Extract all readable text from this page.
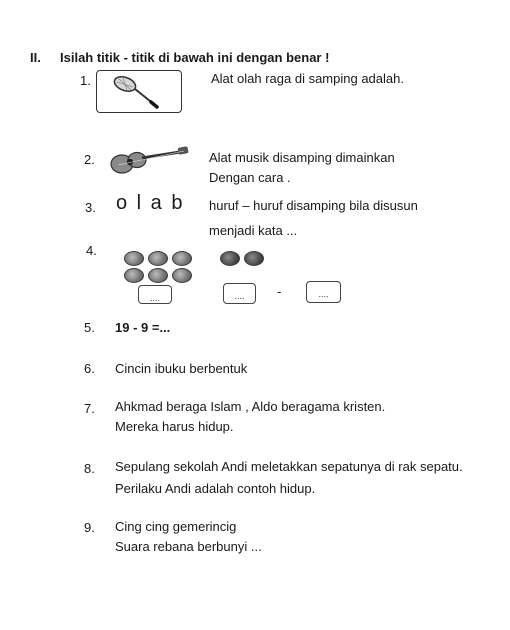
II. Isilah titik - titik di bawah ini dengan benar !
1.	Alat olah raga di samping adalah.
2.	Alat musik disamping dimainkan
Dengan cara .
3. o l a b huruf – huruf disamping bila disusun
menjadi kata ...
4.
....	....	-	....
5. 19 - 9 =...
6. Cincin ibuku berbentuk
7. Ahkmad beraga Islam , Aldo beragama kristen.
Mereka harus hidup.
8. Sepulang sekolah Andi meletakkan sepatunya di rak sepatu.
Perilaku Andi adalah contoh hidup.
9. Cing cing gemerincig
Suara rebana berbunyi ...
